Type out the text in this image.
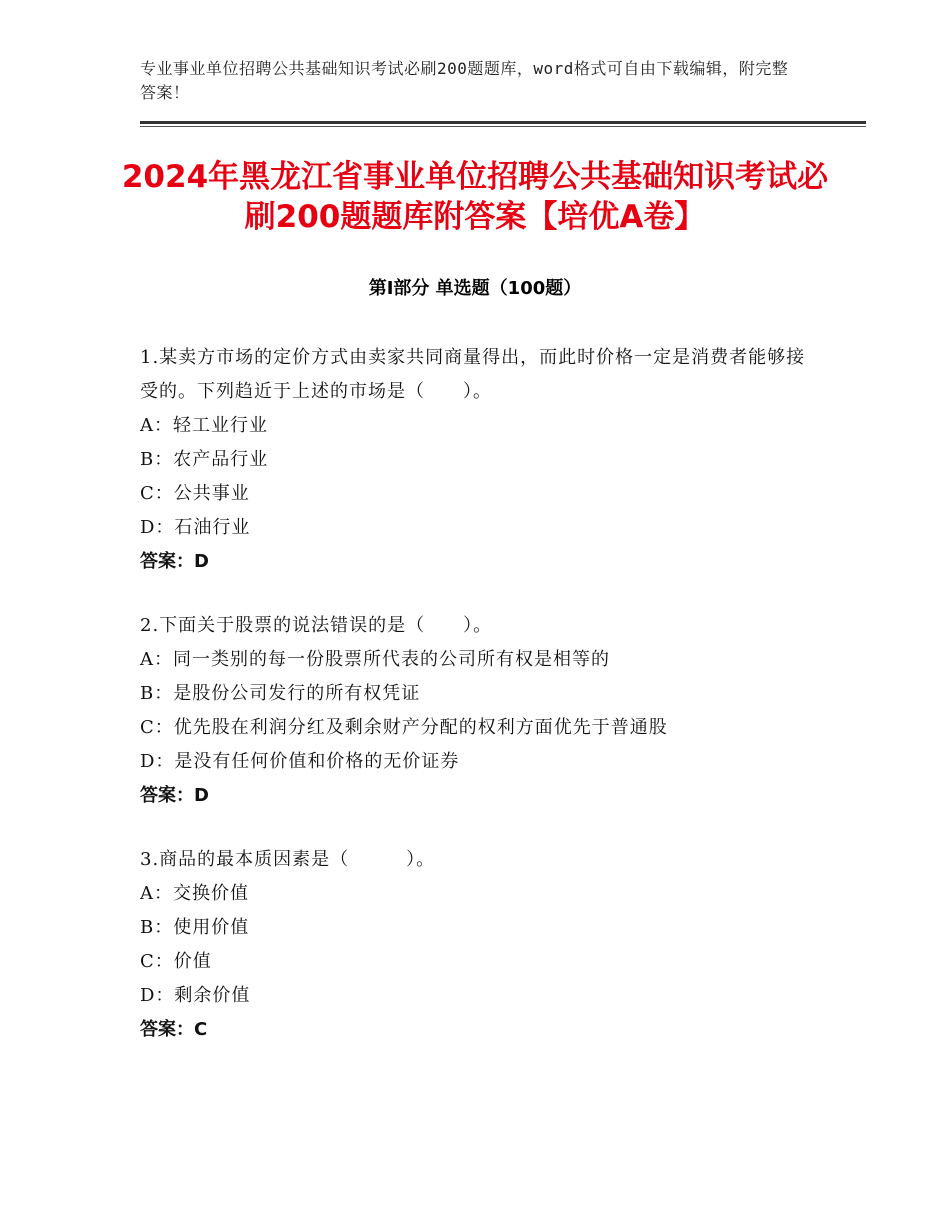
专业事业单位招聘公共基础知识考试必刷200题题库，word格式可自由下载编辑，附完整答案！
2024年黑龙江省事业单位招聘公共基础知识考试必刷200题题库附答案【培优A卷】
第Ⅰ部分 单选题（100题）
1.某卖方市场的定价方式由卖家共同商量得出，而此时价格一定是消费者能够接受的。下列趋近于上述的市场是（　　）。
A：轻工业行业
B：农产品行业
C：公共事业
D：石油行业
答案：D
2.下面关于股票的说法错误的是（　　）。
A：同一类别的每一份股票所代表的公司所有权是相等的
B：是股份公司发行的所有权凭证
C：优先股在利润分红及剩余财产分配的权利方面优先于普通股
D：是没有任何价值和价格的无价证券
答案：D
3.商品的最本质因素是（　　　）。
A：交换价值
B：使用价值
C：价值
D：剩余价值
答案：C
